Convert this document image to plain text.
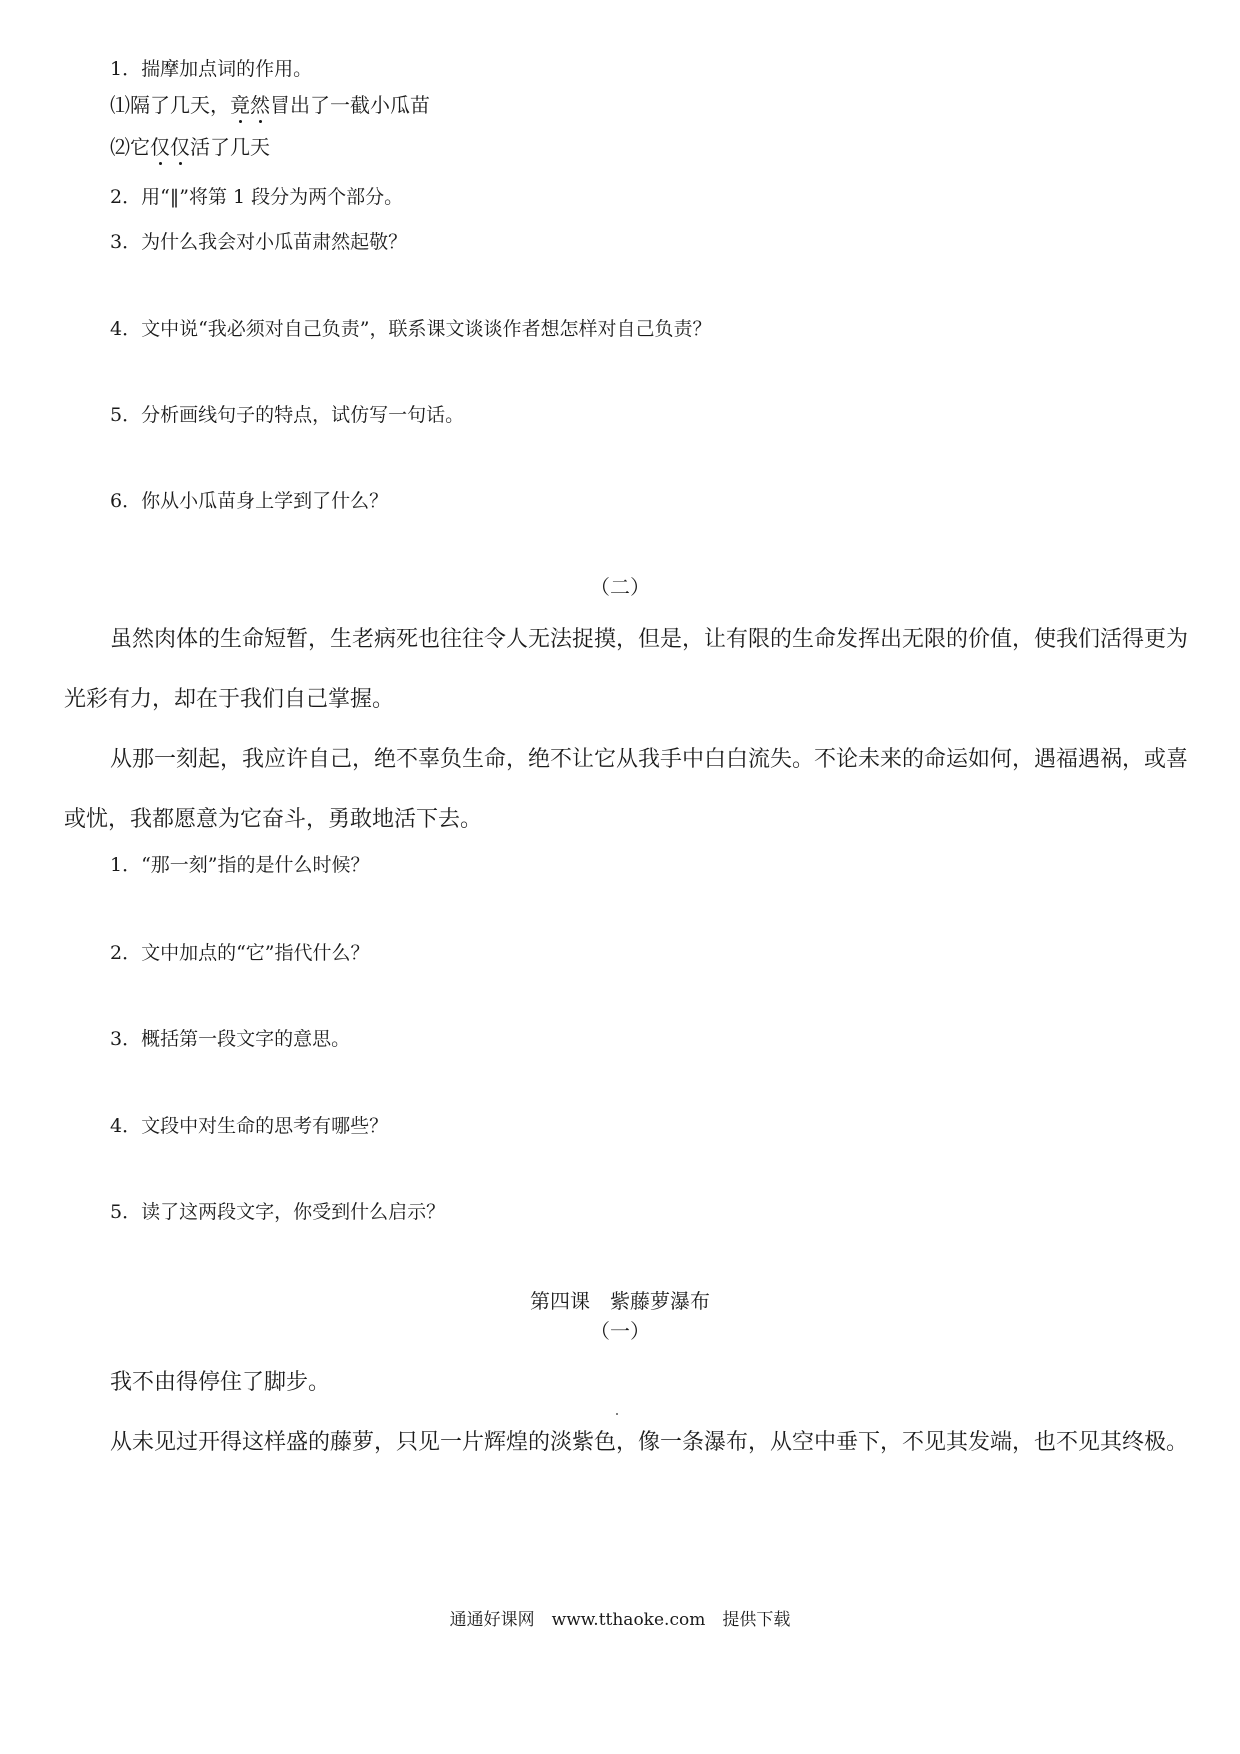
1．揣摩加点词的作用。
⑴隔了几天，竟然冒出了一截小瓜苗
⑵它仅仅活了几天
2．用“‖”将第 1 段分为两个部分。
3．为什么我会对小瓜苗肃然起敬？
4．文中说“我必须对自己负责”，联系课文谈谈作者想怎样对自己负责？
5．分析画线句子的特点，试仿写一句话。
6．你从小瓜苗身上学到了什么？
（二）
虽然肉体的生命短暂，生老病死也往往令人无法捉摸，但是，让有限的生命发挥出无限的价值，使我们活得更为
光彩有力，却在于我们自己掌握。
从那一刻起，我应许自己，绝不辜负生命，绝不让它从我手中白白流失。不论未来的命运如何，遇福遇祸，或喜
或忧，我都愿意为它奋斗，勇敢地活下去。
1．“那一刻”指的是什么时候？
2．文中加点的“它”指代什么？
3．概括第一段文字的意思。
4．文段中对生命的思考有哪些？
5．读了这两段文字，你受到什么启示？
第四课　紫藤萝瀑布
（一）
我不由得停住了脚步。
从未见过开得这样盛的藤萝，只见一片辉煌的淡紫色，像一条瀑布，从空中垂下，不见其发端，也不见其终极。
通通好课网　www.tthaoke.com　提供下载
